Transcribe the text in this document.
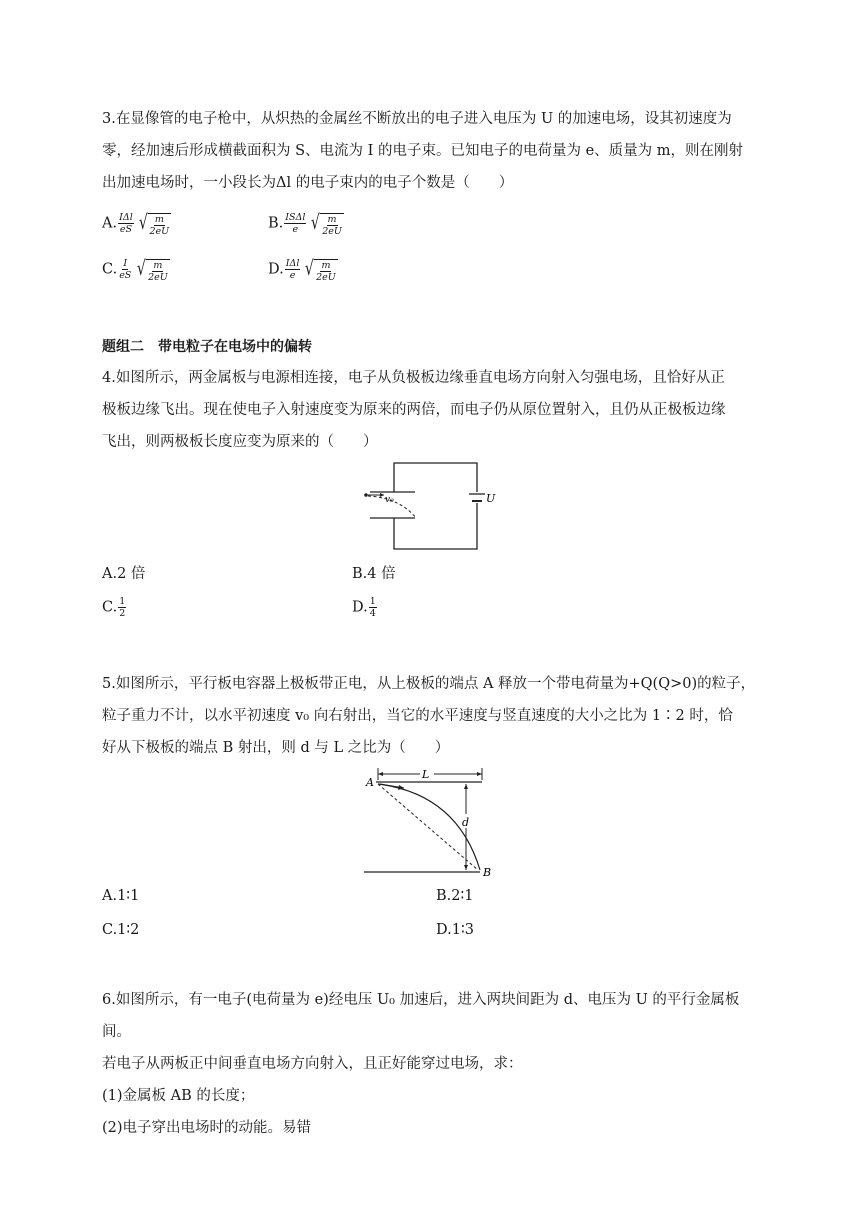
3.在显像管的电子枪中，从炽热的金属丝不断放出的电子进入电压为 U 的加速电场，设其初速度为
零，经加速后形成横截面积为 S、电流为 I 的电子束。已知电子的电荷量为 e、质量为 m，则在刚射
出加速电场时，一小段长为Δl 的电子束内的电子个数是（　　）
A. $\frac{\text{IΔl}}{eS}$ √ $\frac{m}{2eU}$	B. $\frac{\text{ISΔl}}{e}$ √ $\frac{m}{2eU}$
C. $\frac{I}{eS}$ √ $\frac{m}{2eU}$	D. $\frac{\text{IΔl}}{e}$ √ $\frac{m}{2eU}$
题组二　带电粒子在电场中的偏转
4.如图所示，两金属板与电源相连接，电子从负极板边缘垂直电场方向射入匀强电场，且恰好从正
极板边缘飞出。现在使电子入射速度变为原来的两倍，而电子仍从原位置射入，且仍从正极板边缘
飞出，则两极板长度应变为原来的（　　）
v₀	U
A.2 倍	B.4 倍
C. $\frac{1}{2}$	D. $\frac{1}{4}$
5.如图所示，平行板电容器上极板带正电，从上极板的端点 A 释放一个带电荷量为+Q(Q>0)的粒子，
粒子重力不计，以水平初速度 v₀ 向右射出，当它的水平速度与竖直速度的大小之比为 1∶2 时，恰
好从下极板的端点 B 射出，则 d 与 L 之比为（　　）
L
d
A
B
A.1∶1	B.2∶1
C.1∶2	D.1∶3
6.如图所示，有一电子(电荷量为 e)经电压 U₀ 加速后，进入两块间距为 d、电压为 U 的平行金属板间。
若电子从两板正中间垂直电场方向射入，且正好能穿过电场，求：
(1)金属板 AB 的长度；
(2)电子穿出电场时的动能。易错
